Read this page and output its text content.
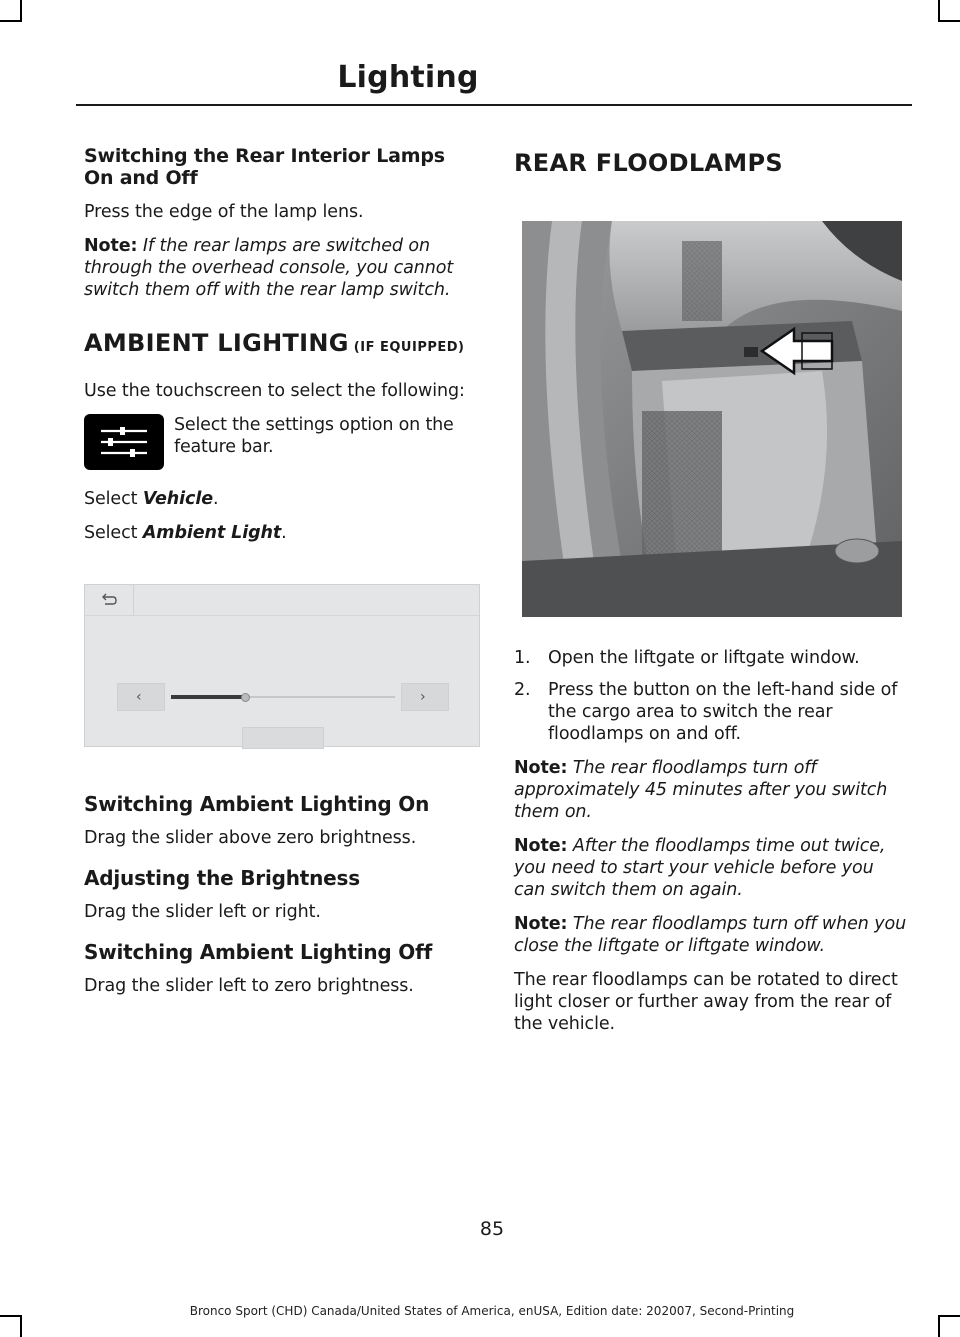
Lighting
Switching the Rear Interior Lamps On and Off

Press the edge of the lamp lens.

Note: If the rear lamps are switched on through the overhead console, you cannot switch them off with the rear lamp switch.

AMBIENT LIGHTING (IF EQUIPPED)

Use the touchscreen to select the following:

Select the settings option on the feature bar.

Select Vehicle.

Select Ambient Light.

‹	›
Switching Ambient Lighting On

Drag the slider above zero brightness.

Adjusting the Brightness

Drag the slider left or right.

Switching Ambient Lighting Off

Drag the slider left to zero brightness.

REAR FLOODLAMPS
1. Open the liftgate or liftgate window.
2. Press the button on the left-hand side of the cargo area to switch the rear floodlamps on and off.

Note: The rear floodlamps turn off approximately 45 minutes after you switch them on.

Note: After the floodlamps time out twice, you need to start your vehicle before you can switch them on again.

Note: The rear floodlamps turn off when you close the liftgate or liftgate window.

The rear floodlamps can be rotated to direct light closer or further away from the rear of the vehicle.

85
Bronco Sport (CHD) Canada/United States of America, enUSA, Edition date: 202007, Second-Printing
